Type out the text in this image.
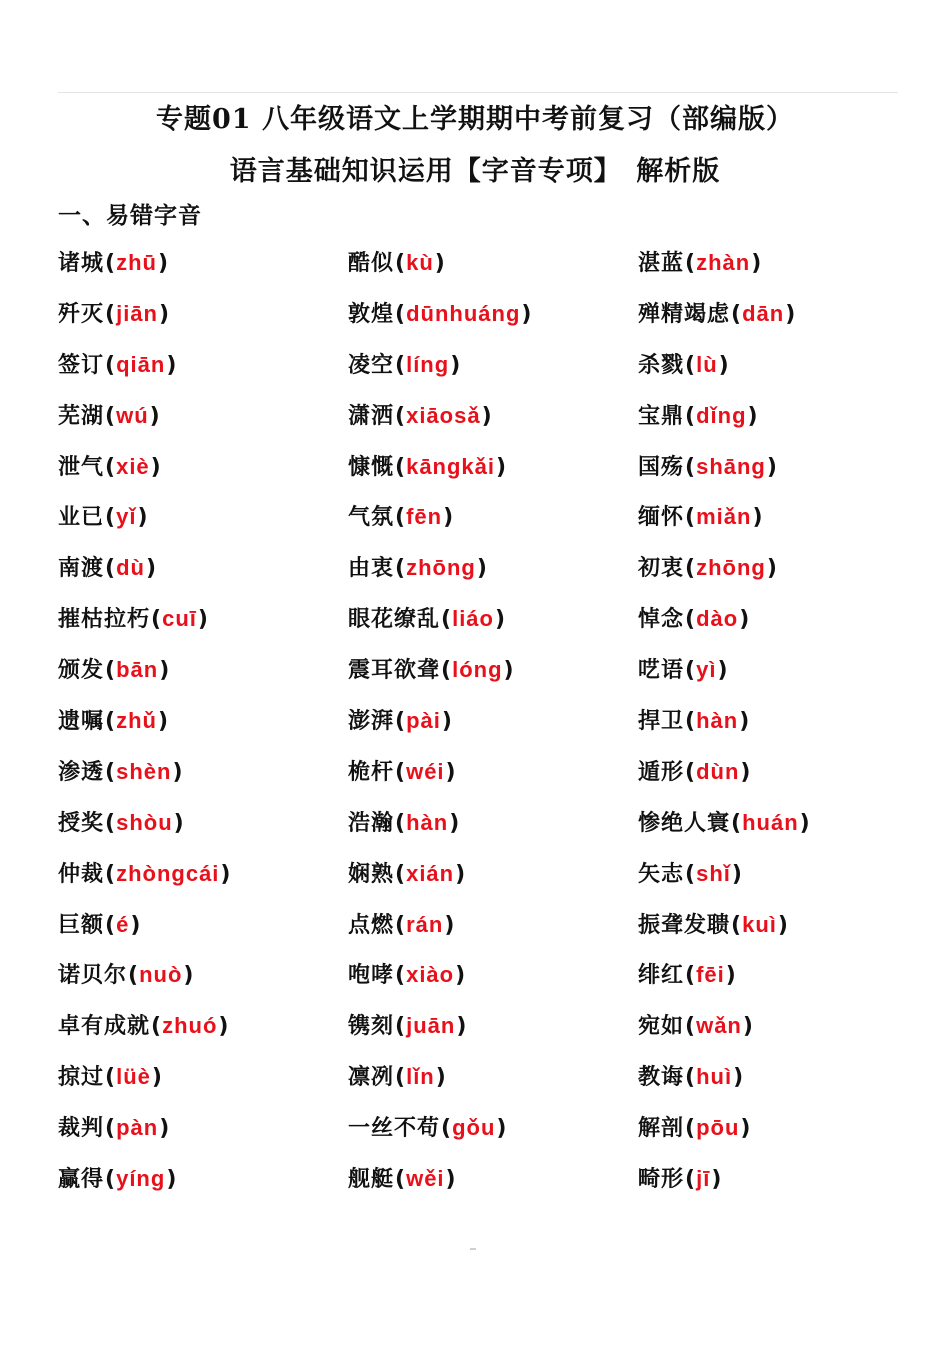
专题01 八年级语文上学期期中考前复习（部编版）
语言基础知识运用【字音专项】　解析版
一、易错字音
诸城 ( zhū )	酷似 ( kù )	湛蓝 ( zhàn )
歼灭 ( jiān )	敦煌 ( dūnhuáng )	殚精竭虑 ( dān )
签订 ( qiān )	凌空 ( líng )	杀戮 ( lù )
芜湖 ( wú )	潇洒 ( xiāosǎ )	宝鼎 ( dǐng )
泄气 ( xiè )	慷慨 ( kāngkǎi )	国殇 ( shāng )
业已 ( yǐ )	气氛 ( fēn )	缅怀 ( miǎn )
南渡 ( dù )	由衷 ( zhōng )	初衷 ( zhōng )
摧枯拉朽 ( cuī )	眼花缭乱 ( liáo )	悼念 ( dào )
颁发 ( bān )	震耳欲聋 ( lóng )	呓语 ( yì )
遗嘱 ( zhǔ )	澎湃 ( pài )	捍卫 ( hàn )
渗透 ( shèn )	桅杆 ( wéi )	遁形 ( dùn )
授奖 ( shòu )	浩瀚 ( hàn )	惨绝人寰 ( huán )
仲裁 ( zhòngcái )	娴熟 ( xián )	矢志 ( shǐ )
巨额 ( é )	点燃 ( rán )	振聋发聩 ( kuì )
诺贝尔 ( nuò )	咆哮 ( xiào )	绯红 ( fēi )
卓有成就 ( zhuó )	镌刻 ( juān )	宛如 ( wǎn )
掠过 ( lüè )	凛冽 ( lǐn )	教诲 ( huì )
裁判 ( pàn )	一丝不苟 ( gǒu )	解剖 ( pōu )
赢得 ( yíng )	舰艇 ( wěi )	畸形 ( jī )
